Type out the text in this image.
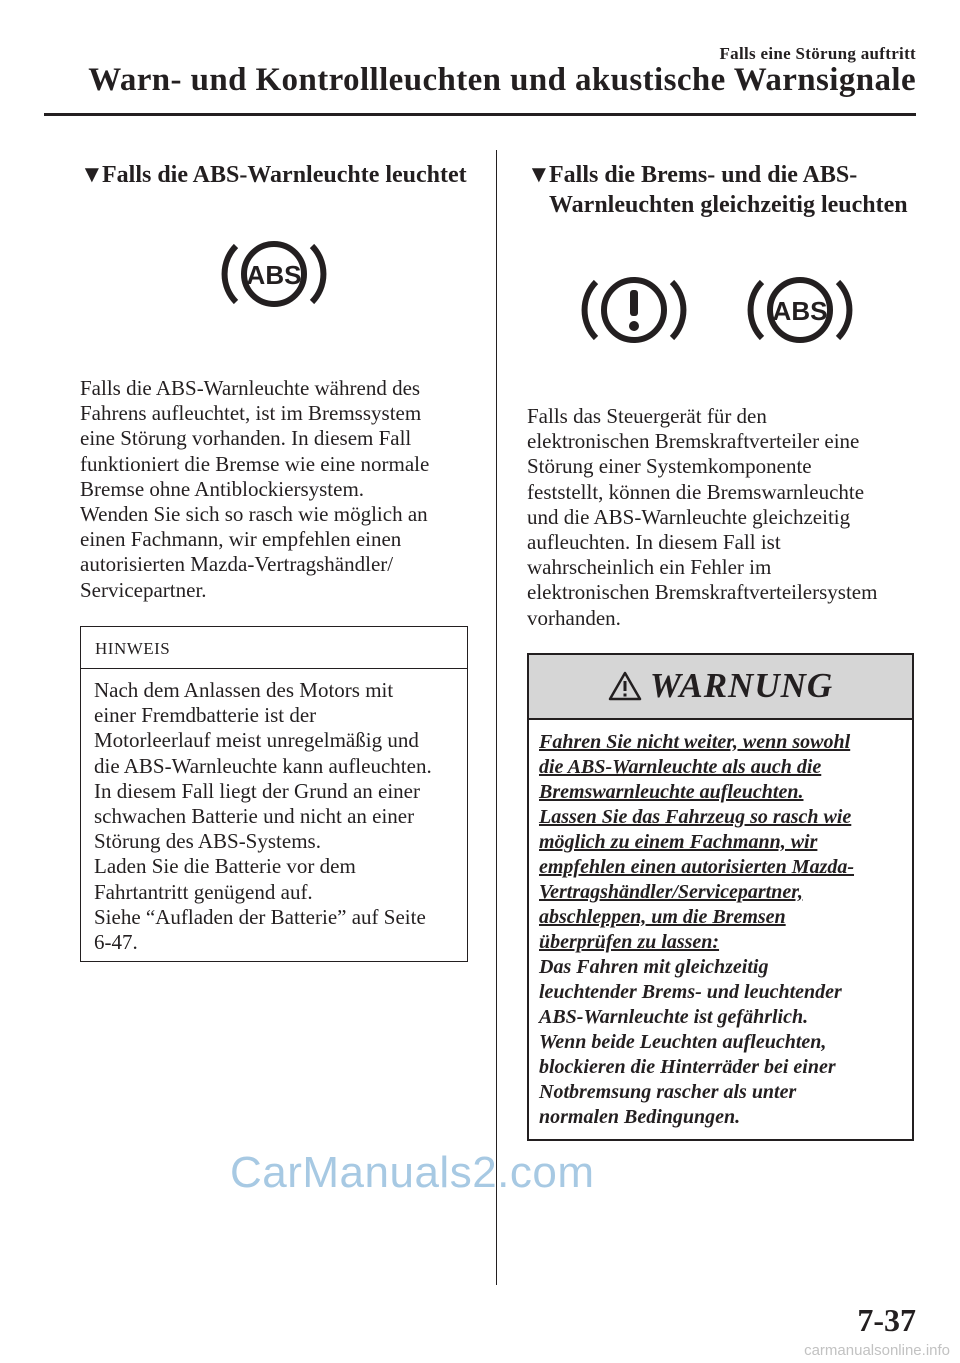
Falls eine Störung auftritt
Warn- und Kontrollleuchten und akustische Warnsignale
▼Falls die ABS-Warnleuchte leuchtet
ABS

Falls die ABS-Warnleuchte während des

Fahrens aufleuchtet, ist im Bremssystem

eine Störung vorhanden. In diesem Fall

funktioniert die Bremse wie eine normale

Bremse ohne Antiblockiersystem.

Wenden Sie sich so rasch wie möglich an

einen Fachmann, wir empfehlen einen

autorisierten Mazda-Vertragshändler/

Servicepartner.

HINWEIS

Nach dem Anlassen des Motors mit

einer Fremdbatterie ist der

Motorleerlauf meist unregelmäßig und

die ABS-Warnleuchte kann aufleuchten.

In diesem Fall liegt der Grund an einer

schwachen Batterie und nicht an einer

Störung des ABS-Systems.

Laden Sie die Batterie vor dem

Fahrtantritt genügend auf.

Siehe “Aufladen der Batterie” auf Seite

6-47.

▼Falls die Brems- und die ABS-
Warnleuchten gleichzeitig leuchten
ABS

Falls das Steuergerät für den

elektronischen Bremskraftverteiler eine

Störung einer Systemkomponente

feststellt, können die Bremswarnleuchte

und die ABS-Warnleuchte gleichzeitig

aufleuchten. In diesem Fall ist

wahrscheinlich ein Fehler im

elektronischen Bremskraftverteilersystem

vorhanden.

WARNUNG

Fahren Sie nicht weiter, wenn sowohl

die ABS-Warnleuchte als auch die

Bremswarnleuchte aufleuchten.

Lassen Sie das Fahrzeug so rasch wie

möglich zu einem Fachmann, wir

empfehlen einen autorisierten Mazda-

Vertragshändler/Servicepartner,

abschleppen, um die Bremsen

überprüfen zu lassen:

Das Fahren mit gleichzeitig

leuchtender Brems- und leuchtender

ABS-Warnleuchte ist gefährlich.

Wenn beide Leuchten aufleuchten,

blockieren die Hinterräder bei einer

Notbremsung rascher als unter

normalen Bedingungen.

CarManuals2.com
7-37
carmanualsonline.info
